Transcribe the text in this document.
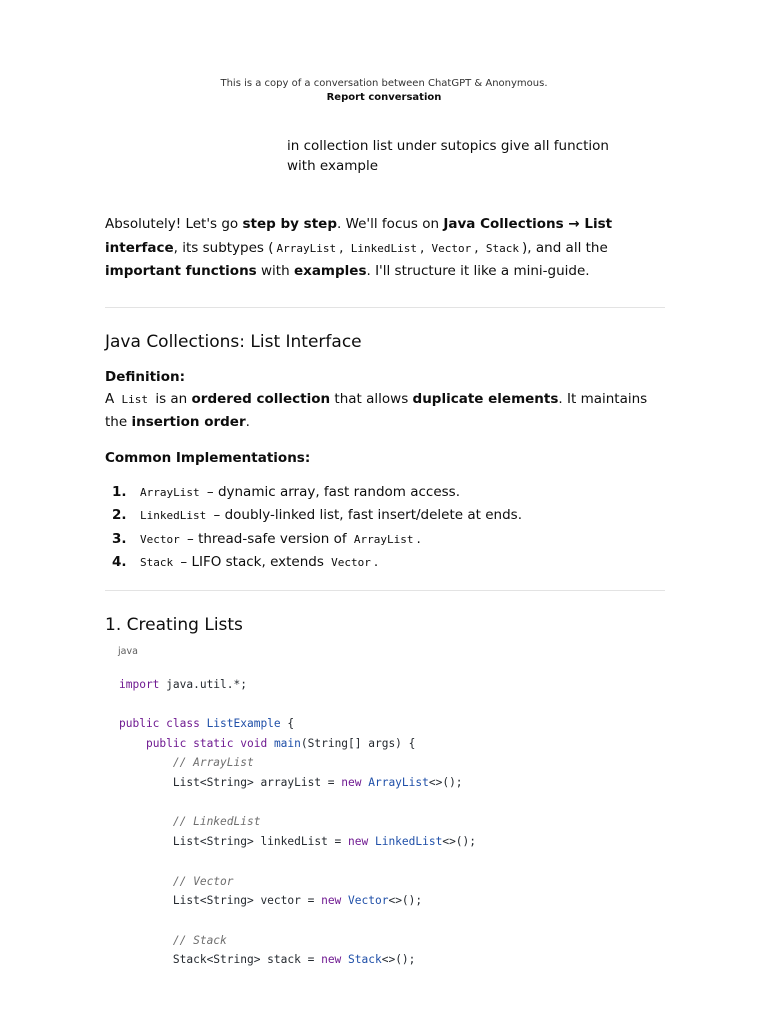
This is a copy of a conversation between ChatGPT & Anonymous.
Report conversation
in collection list under sutopics give all function with example

Absolutely! Let's go step by step. We'll focus on Java Collections → List interface, its subtypes ( ArrayList , LinkedList , Vector , Stack ), and all the important functions with examples. I'll structure it like a mini-guide.

Java Collections: List Interface

Definition:

A List is an ordered collection that allows duplicate elements. It maintains the insertion order.

Common Implementations:

1. ArrayList – dynamic array, fast random access.
2. LinkedList – doubly-linked list, fast insert/delete at ends.
3. Vector – thread-safe version of ArrayList .
4. Stack – LIFO stack, extends Vector .
1. Creating Lists
java
import java.util.*;

public class ListExample {
public static void main(String[] args) {
// ArrayList
List<String> arrayList = new ArrayList<>();

// LinkedList
List<String> linkedList = new LinkedList<>();

// Vector
List<String> vector = new Vector<>();

// Stack
Stack<String> stack = new Stack<>();
